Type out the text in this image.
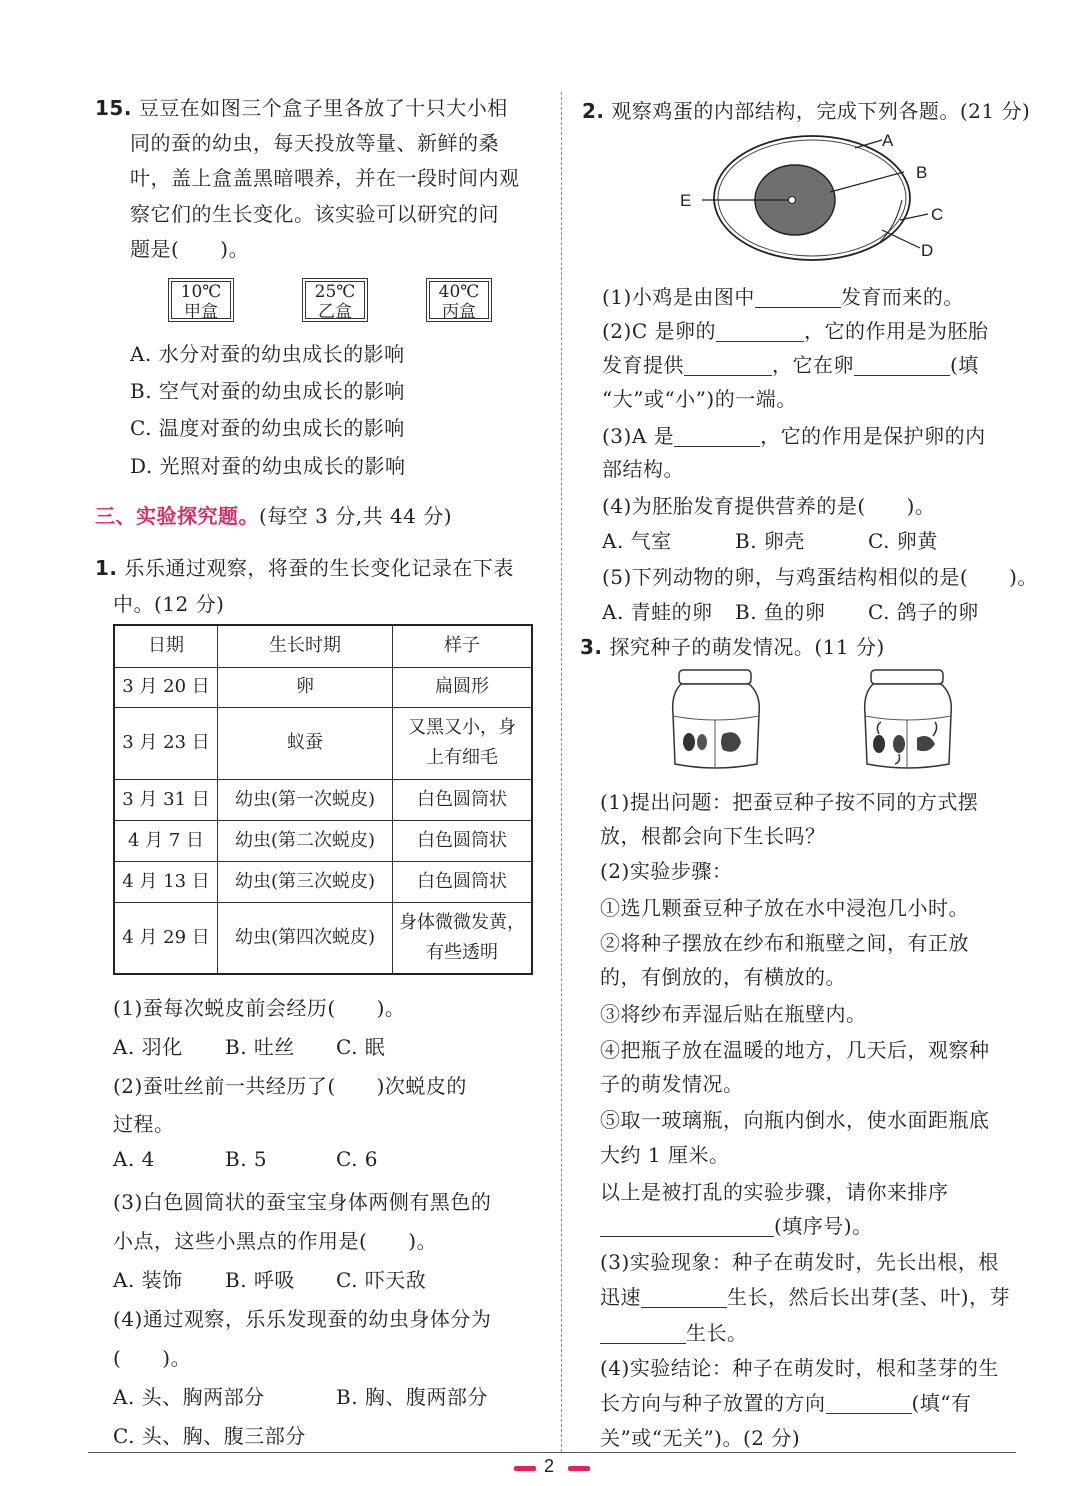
15. 豆豆在如图三个盒子里各放了十只大小相
同的蚕的幼虫，每天投放等量、新鲜的桑
叶，盖上盒盖黑暗喂养，并在一段时间内观
察它们的生长变化。该实验可以研究的问
题是(　　)。
10℃
甲盒
25℃
乙盒
40℃
丙盒
A. 水分对蚕的幼虫成长的影响
B. 空气对蚕的幼虫成长的影响
C. 温度对蚕的幼虫成长的影响
D. 光照对蚕的幼虫成长的影响
三、实验探究题。(每空 3 分,共 44 分)
1. 乐乐通过观察，将蚕的生长变化记录在下表
中。(12 分)
日期	生长时期	样子
3 月 20 日	卵	扁圆形
3 月 23 日	蚁蚕	又黑又小，身
上有细毛

3 月 31 日	幼虫(第一次蜕皮)	白色圆筒状
4 月 7 日	幼虫(第二次蜕皮)	白色圆筒状
4 月 13 日	幼虫(第三次蜕皮)	白色圆筒状
4 月 29 日	幼虫(第四次蜕皮)	身体微微发黄，
有些透明
(1)蚕每次蜕皮前会经历(　　)。
A. 羽化 B. 吐丝 C. 眠
(2)蚕吐丝前一共经历了(　　)次蜕皮的
过程。
A. 4	B. 5	C. 6
(3)白色圆筒状的蚕宝宝身体两侧有黑色的
小点，这些小黑点的作用是(　　)。
A. 装饰 B. 呼吸 C. 吓天敌
(4)通过观察，乐乐发现蚕的幼虫身体分为
(　　)。
A. 头、胸两部分	B. 胸、腹两部分
C. 头、胸、腹三部分
2. 观察鸡蛋的内部结构，完成下列各题。(21 分)
A
B
C
D
E
(1)小鸡是由图中	发育而来的。
(2)C 是卵的	，它的作用是为胚胎
发育提供	，它在卵	(填
“大”或“小”)的一端。
(3)A 是	，它的作用是保护卵的内
部结构。
(4)为胚胎发育提供营养的是(　　)。
A. 气室	B. 卵壳	C. 卵黄
(5)下列动物的卵，与鸡蛋结构相似的是(　　)。
A. 青蛙的卵 B. 鱼的卵 C. 鸽子的卵
3. 探究种子的萌发情况。(11 分)
(1)提出问题：把蚕豆种子按不同的方式摆
放，根都会向下生长吗？
(2)实验步骤：
①选几颗蚕豆种子放在水中浸泡几小时。
②将种子摆放在纱布和瓶壁之间，有正放
的，有倒放的，有横放的。
③将纱布弄湿后贴在瓶壁内。
④把瓶子放在温暖的地方，几天后，观察种
子的萌发情况。
⑤取一玻璃瓶，向瓶内倒水，使水面距瓶底
大约 1 厘米。
以上是被打乱的实验步骤，请你来排序
(填序号)。
(3)实验现象：种子在萌发时，先长出根，根
迅速	生长，然后长出芽(茎、叶)，芽
生长。
(4)实验结论：种子在萌发时，根和茎芽的生
长方向与种子放置的方向	(填“有
关”或“无关”)。(2 分)
2
